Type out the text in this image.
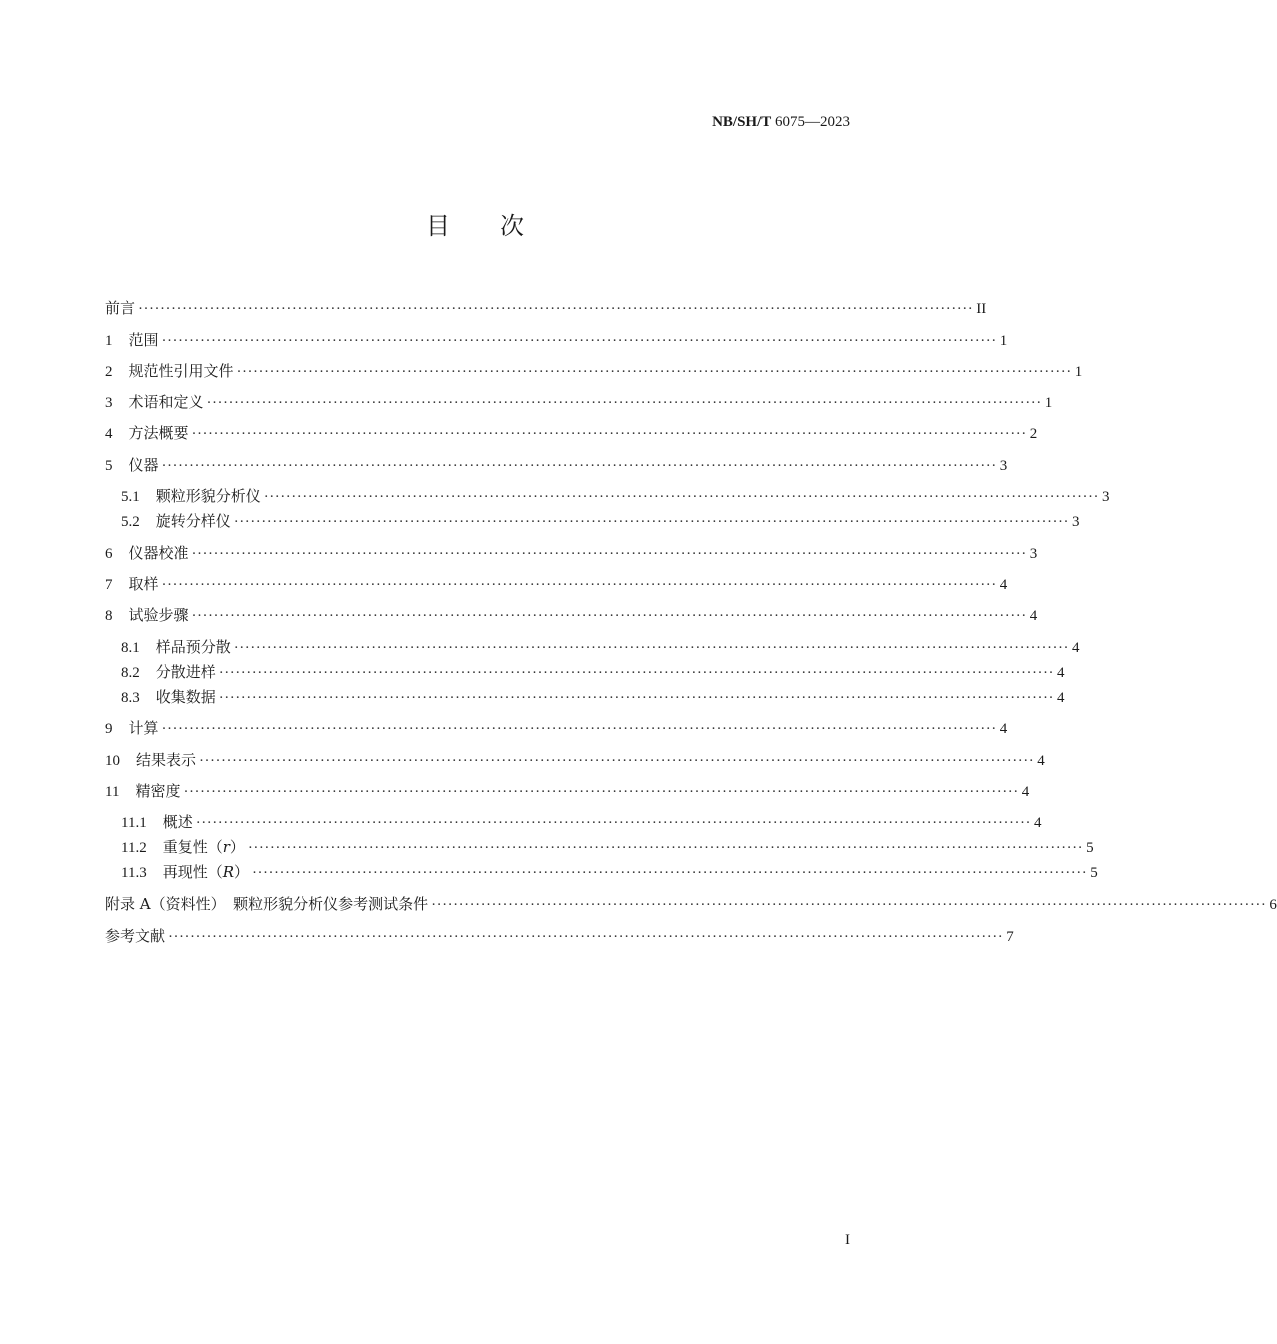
NB/SH/T 6075—2023
目 次
前言 ························································································································································ II
1 范围 ························································································································································ 1
2 规范性引用文件 ························································································································································ 1
3 术语和定义 ························································································································································ 1
4 方法概要 ························································································································································ 2
5 仪器 ························································································································································ 3
5.1 颗粒形貌分析仪 ························································································································································ 3
5.2 旋转分样仪 ························································································································································ 3
6 仪器校准 ························································································································································ 3
7 取样 ························································································································································ 4
8 试验步骤 ························································································································································ 4
8.1 样品预分散 ························································································································································ 4
8.2 分散进样 ························································································································································ 4
8.3 收集数据 ························································································································································ 4
9 计算 ························································································································································ 4
10 结果表示 ························································································································································ 4
11 精密度 ························································································································································ 4
11.1 概述 ························································································································································ 4
11.2 重复性（r） ························································································································································ 5
11.3 再现性（R） ························································································································································ 5
附录 A（资料性）　颗粒形貌分析仪参考测试条件 ························································································································································ 6
参考文献 ························································································································································ 7
I
